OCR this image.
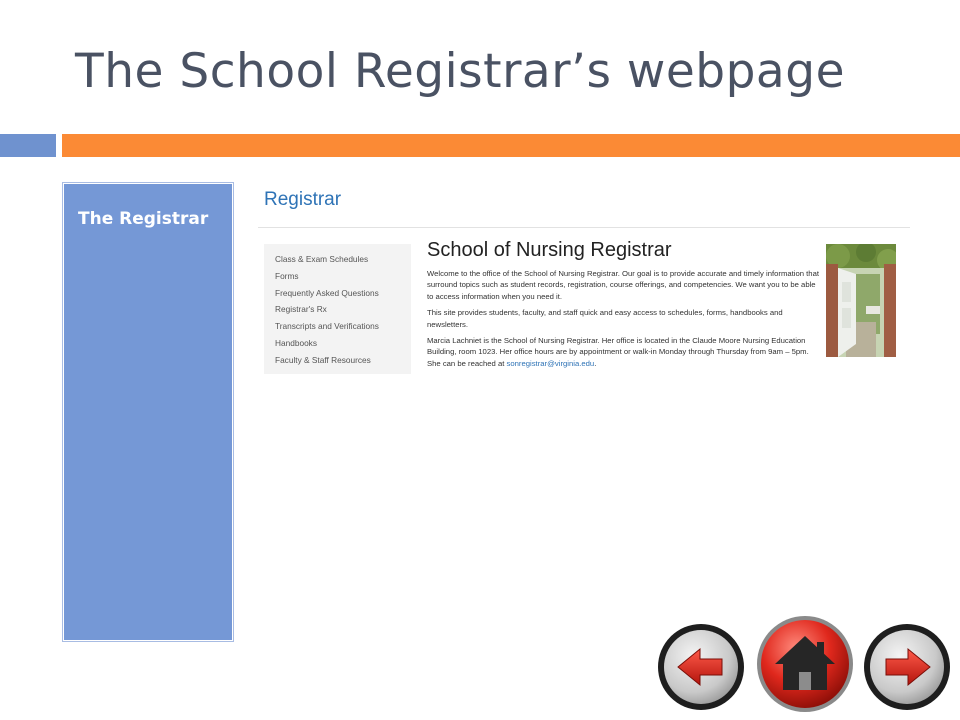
The School Registrar’s webpage
The Registrar
Registrar
Class & Exam Schedules
Forms
Frequently Asked Questions
Registrar's Rx
Transcripts and Verifications
Handbooks
Faculty & Staff Resources
School of Nursing Registrar

Welcome to the office of the School of Nursing Registrar. Our goal is to provide accurate and timely information that surround topics such as student records, registration, course offerings, and competencies. We want you to be able to access information when you need it.

This site provides students, faculty, and staff quick and easy access to schedules, forms, handbooks and newsletters.

Marcia Lachniet is the School of Nursing Registrar. Her office is located in the Claude Moore Nursing Education Building, room 1023. Her office hours are by appointment or walk-in Monday through Thursday from 9am – 5pm. She can be reached at sonregistrar@virginia.edu.
